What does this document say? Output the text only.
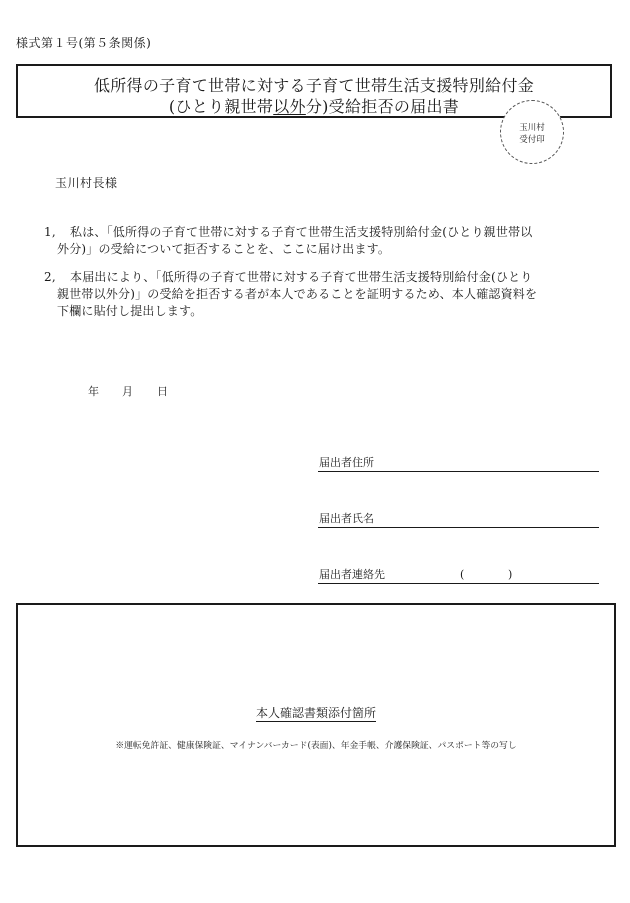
様式第１号(第５条関係)
低所得の子育て世帯に対する子育て世帯生活支援特別給付金
(ひとり親世帯以外分)受給拒否の届出書
玉川村
受付印
玉川村長様
1,	私は、「低所得の子育て世帯に対する子育て世帯生活支援特別給付金(ひとり親世帯以
外分)」の受給について拒否することを、ここに届け出ます。
2,	本届出により、「低所得の子育て世帯に対する子育て世帯生活支援特別給付金(ひとり
親世帯以外分)」の受給を拒否する者が本人であることを証明するため、本人確認資料を
下欄に貼付し提出します。
年 月 日
届出者住所
届出者氏名
届出者連絡先	(	)
本人確認書類添付箇所
※運転免許証、健康保険証、マイナンバーカード(表面)、年金手帳、介護保険証、パスポート等の写し
